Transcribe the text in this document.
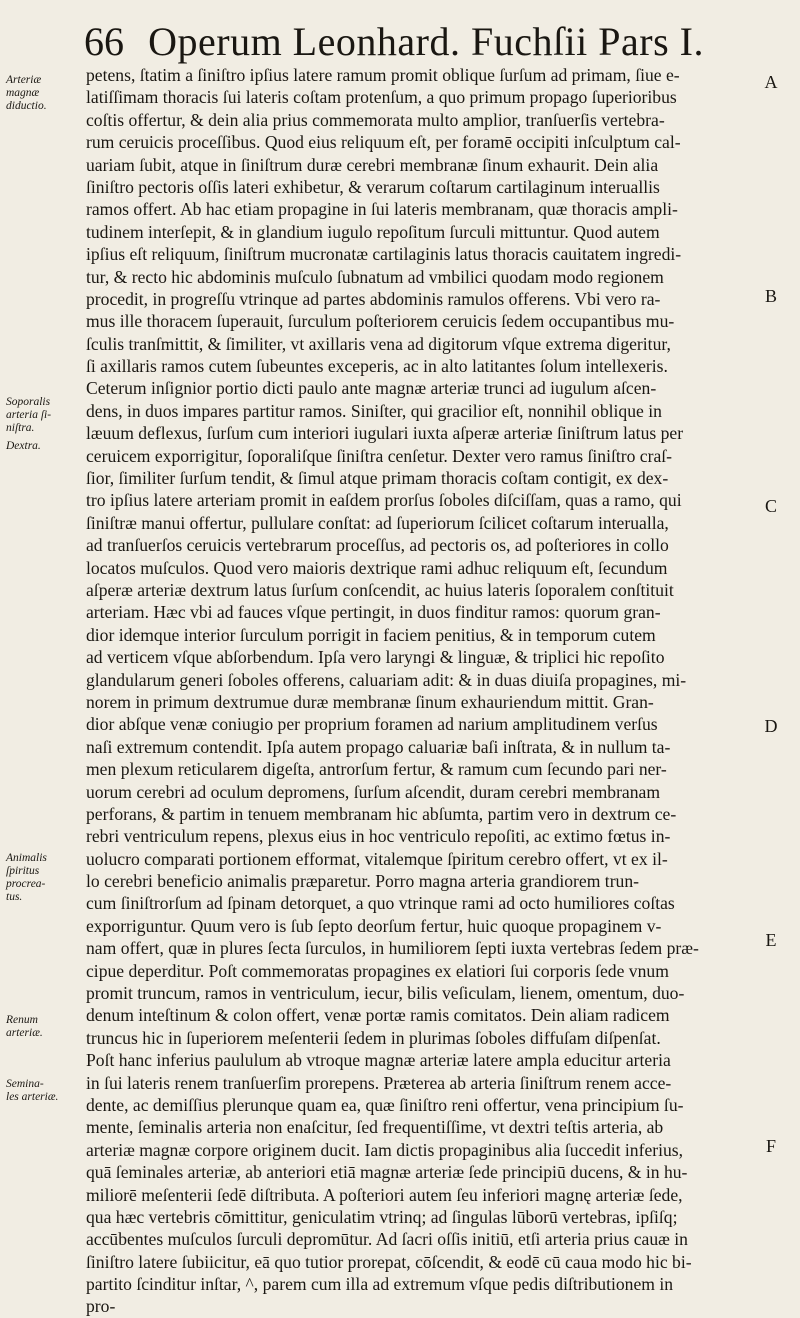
66 Operum Leonhard. Fuchſii Pars I.
Arteriæ
magnæ
diductio.
Soporalis
arteria ſi-
niſtra.
Dextra.
Animalis
ſpiritus
procrea-
tus.
Renum
arteriæ.
Semina-
les arteriæ.
petens, ſtatim a ſiniſtro ipſius latere ramum promit oblique ſurſum ad primam, ſiue e-
latiſſimam thoracis ſui lateris coſtam protenſum, a quo primum propago ſuperioribus
coſtis offertur, & dein alia prius commemorata multo amplior, tranſuerſis vertebra-
rum ceruicis proceſſibus. Quod eius reliquum eſt, per foramē occipiti inſculptum cal-
uariam ſubit, atque in ſiniſtrum duræ cerebri membranæ ſinum exhaurit. Dein alia
ſiniſtro pectoris oſſis lateri exhibetur, & verarum coſtarum cartilaginum interuallis
ramos offert. Ab hac etiam propagine in ſui lateris membranam, quæ thoracis ampli-
tudinem interſepit, & in glandium iugulo repoſitum ſurculi mittuntur. Quod autem
ipſius eſt reliquum, ſiniſtrum mucronatæ cartilaginis latus thoracis cauitatem ingredi-
tur, & recto hic abdominis muſculo ſubnatum ad vmbilici quodam modo regionem
procedit, in progreſſu vtrinque ad partes abdominis ramulos offerens. Vbi vero ra-
mus ille thoracem ſuperauit, ſurculum poſteriorem ceruicis ſedem occupantibus mu-
ſculis tranſmittit, & ſimiliter, vt axillaris vena ad digitorum vſque extrema digeritur,
ſi axillaris ramos cutem ſubeuntes exceperis, ac in alto latitantes ſolum intellexeris.
Ceterum inſignior portio dicti paulo ante magnæ arteriæ trunci ad iugulum aſcen-
dens, in duos impares partitur ramos. Siniſter, qui gracilior eſt, nonnihil oblique in
læuum deflexus, ſurſum cum interiori iugulari iuxta aſperæ arteriæ ſiniſtrum latus per
ceruicem exporrigitur, ſoporaliſque ſiniſtra cenſetur. Dexter vero ramus ſiniſtro craſ-
ſior, ſimiliter ſurſum tendit, & ſimul atque primam thoracis coſtam contigit, ex dex-
tro ipſius latere arteriam promit in eaſdem prorſus ſoboles diſciſſam, quas a ramo, qui
ſiniſtræ manui offertur, pullulare conſtat: ad ſuperiorum ſcilicet coſtarum interualla,
ad tranſuerſos ceruicis vertebrarum proceſſus, ad pectoris os, ad poſteriores in collo
locatos muſculos. Quod vero maioris dextrique rami adhuc reliquum eſt, ſecundum
aſperæ arteriæ dextrum latus ſurſum conſcendit, ac huius lateris ſoporalem conſtituit
arteriam. Hæc vbi ad fauces vſque pertingit, in duos finditur ramos: quorum gran-
dior idemque interior ſurculum porrigit in faciem penitius, & in temporum cutem
ad verticem vſque abſorbendum. Ipſa vero laryngi & linguæ, & triplici hic repoſito
glandularum generi ſoboles offerens, caluariam adit: & in duas diuiſa propagines, mi-
norem in primum dextrumue duræ membranæ ſinum exhauriendum mittit. Gran-
dior abſque venæ coniugio per proprium foramen ad narium amplitudinem verſus
naſi extremum contendit. Ipſa autem propago caluariæ baſi inſtrata, & in nullum ta-
men plexum reticularem digeſta, antrorſum fertur, & ramum cum ſecundo pari ner-
uorum cerebri ad oculum depromens, ſurſum aſcendit, duram cerebri membranam
perforans, & partim in tenuem membranam hic abſumta, partim vero in dextrum ce-
rebri ventriculum repens, plexus eius in hoc ventriculo repoſiti, ac extimo fœtus in-
uolucro comparati portionem efformat, vitalemque ſpiritum cerebro offert, vt ex il-
lo cerebri beneficio animalis præparetur. Porro magna arteria grandiorem trun-
cum ſiniſtrorſum ad ſpinam detorquet, a quo vtrinque rami ad octo humiliores coſtas
exporriguntur. Quum vero is ſub ſepto deorſum fertur, huic quoque propaginem v-
nam offert, quæ in plures ſecta ſurculos, in humiliorem ſepti iuxta vertebras ſedem præ-
cipue deperditur. Poſt commemoratas propagines ex elatiori ſui corporis ſede vnum
promit truncum, ramos in ventriculum, iecur, bilis veſiculam, lienem, omentum, duo-
denum inteſtinum & colon offert, venæ portæ ramis comitatos. Dein aliam radicem
truncus hic in ſuperiorem meſenterii ſedem in plurimas ſoboles diffuſam diſpenſat.
Poſt hanc inferius paululum ab vtroque magnæ arteriæ latere ampla educitur arteria
in ſui lateris renem tranſuerſim prorepens. Præterea ab arteria ſiniſtrum renem acce-
dente, ac demiſſius plerunque quam ea, quæ ſiniſtro reni offertur, vena principium ſu-
mente, ſeminalis arteria non enaſcitur, ſed frequentiſſime, vt dextri teſtis arteria, ab
arteriæ magnæ corpore originem ducit. Iam dictis propaginibus alia ſuccedit inferius,
quā ſeminales arteriæ, ab anteriori etiā magnæ arteriæ ſede principiū ducens, & in hu-
miliorē meſenterii ſedē diſtributa. A poſteriori autem ſeu inferiori magnę arteriæ ſede,
qua hæc vertebris cōmittitur, geniculatim vtrinq; ad ſingulas lūborū vertebras, ipſiſq;
accūbentes muſculos ſurculi depromūtur. Ad ſacri oſſis initiū, etſi arteria prius cauæ in
ſiniſtro latere ſubiicitur, eā quo tutior prorepat, cōſcendit, & eodē cū caua modo hic bi-
partito ſcinditur inſtar, ^, parem cum illa ad extremum vſque pedis diſtributionem in
pro-
A
B
C
D
E
F
